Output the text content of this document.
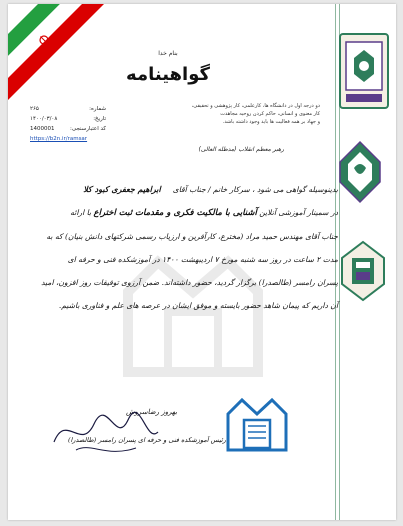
بنام خدا
گواهینامه
دو درجه اول در دانشگاه ها، کارعلمی، کار پژوهشی و تحقیقی،
کار معنوی و انسانی، حاکم کردن روحیه مجاهدت
و جهاد بر همه فعالیت ها باید وجود داشته باشد.
رهبر معظم انقلاب (مدظله العالی)
شماره:
۲۶۵
تاریخ:
۱۴۰۰/۰۳/۰۸
کد اعتبارسنجی:
1400001
https://b2n.ir/ramsar
بدینوسیله گواهی می شود ، سرکار خانم / جناب آقای     ابراهیم جعفری کبود کلا
در سمینار آموزشی آنلاین آشنایی با مالکیت فکری و مقدمات ثبت اختراع با ارائه
جناب آقای مهندس حمید مراد (مخترع، کارآفرین و ارزیاب رسمی شرکتهای دانش بنیان) که به
مدت ۲ ساعت در روز سه شنبه مورخ ۷ اردیبهشت ۱۴۰۰ در آموزشکده فنی و حرفه ای
پسران رامسر (طالصدرا) برگزار گردید، حضور داشته‌اند. ضمن آرزوی توفیقات روز افزون، امید
آن داریم که پیمان شاهد حضور بایسته و موفق ایشان در عرصه های علم و فناوری باشیم.
بهروز رضاسروش
رئیس آموزشکده فنی و حرفه ای پسران رامسر (طالصدرا)
